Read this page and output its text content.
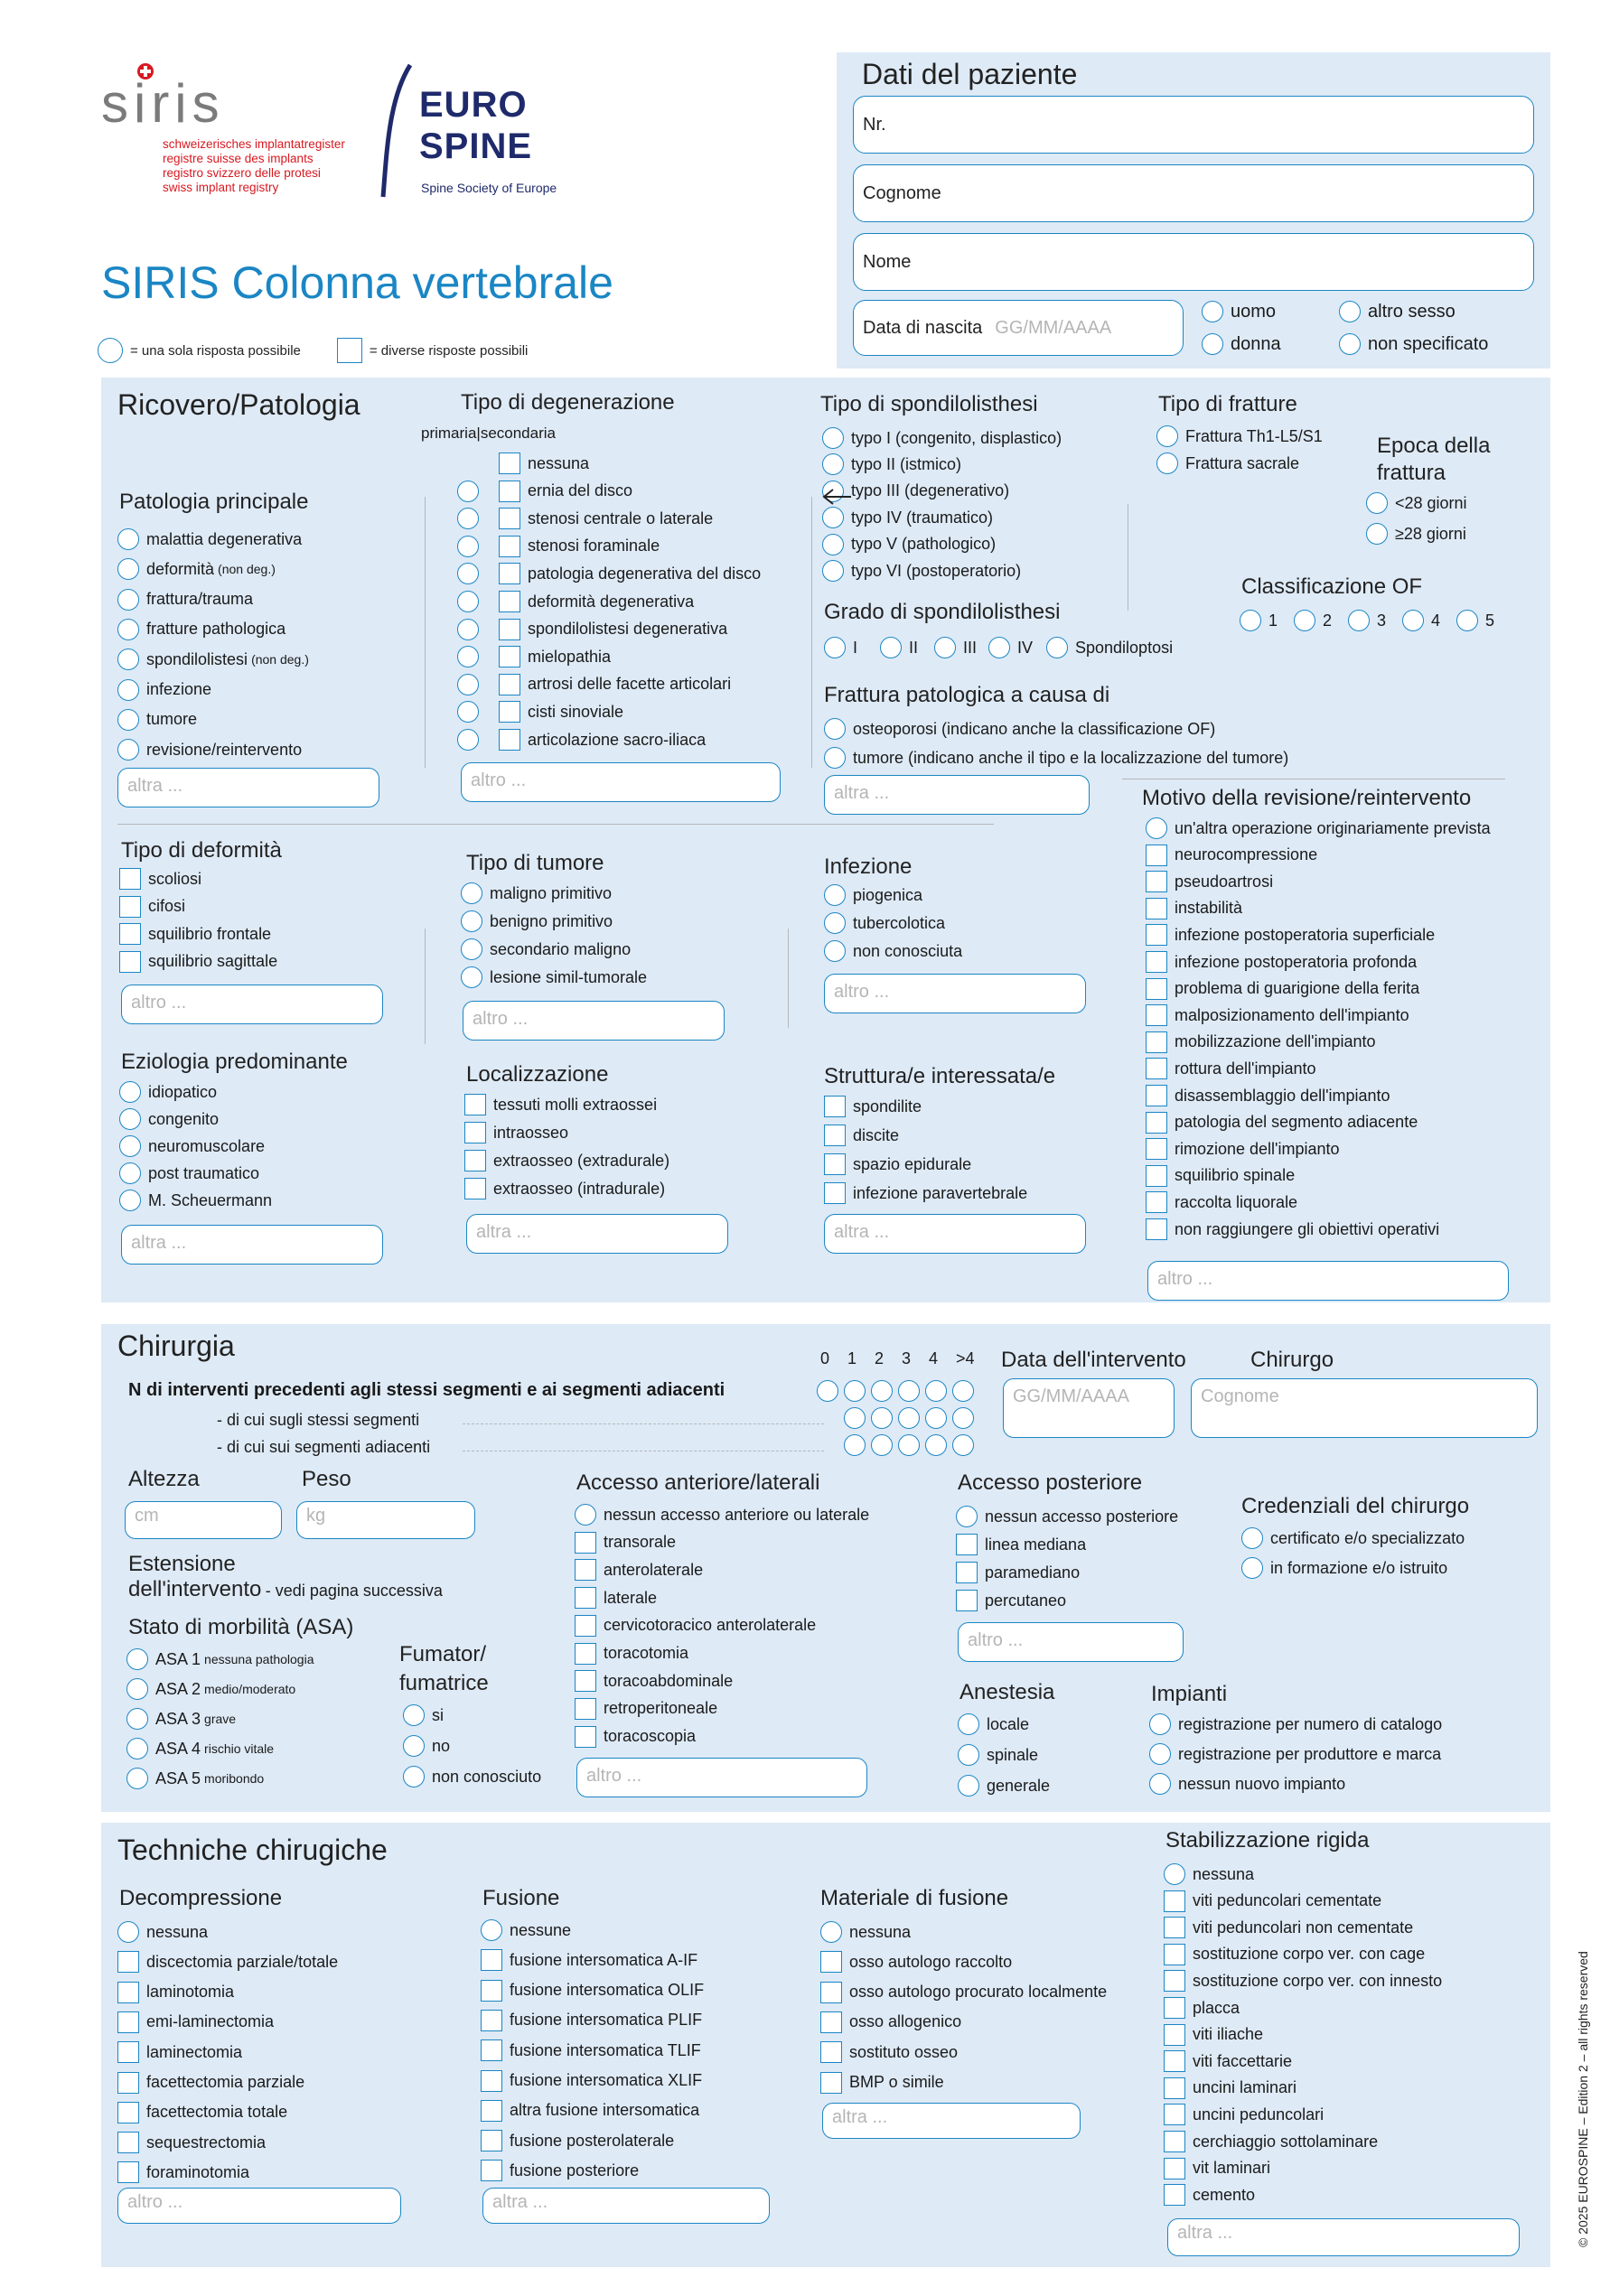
siris
schweizerisches implantatregister
registre suisse des implants
registro svizzero delle protesi
swiss implant registry
EURO
SPINE
Spine Society of Europe
SIRIS Colonna vertebrale
= una sola risposta possibile	= diverse risposte possibili
Dati del paziente
Nr.
Cognome
Nome
Data di nascita GG/MM/AAAA
uomo	altro sesso
donna	non specificato
Ricovero/Patologia
Patologia principale
malattia degenerativa
deformità (non deg.)
frattura/trauma
fratture pathologica
spondilolistesi (non deg.)
infezione
tumore
revisione/reintervento
altra ...
Tipo di degenerazione
primaria|secondaria
nessuna
ernia del disco
stenosi centrale o laterale
stenosi foraminale
patologia degenerativa del disco
deformità degenerativa
spondilolistesi degenerativa
mielopathia
artrosi delle facette articolari
cisti sinoviale
articolazione sacro-iliaca
altro ...
Tipo di spondilolisthesi
typo I (congenito, displastico)
typo II (istmico)
typo III (degenerativo)
typo IV (traumatico)
typo V (pathologico)
typo VI (postoperatorio)
Grado di spondilolisthesi
I	II	III IV	Spondiloptosi
Frattura patologica a causa di
osteoporosi (indicano anche la classificazione OF)
tumore (indicano anche il tipo e la localizzazione del tumore)
altra ...
Tipo di fratture
Frattura Th1-L5/S1
Frattura sacrale
Epoca della
frattura
<28 giorni
≥28 giorni
Classificazione OF
1	2	3	4	5
Tipo di deformità
scoliosi
cifosi
squilibrio frontale
squilibrio sagittale
altro ...
Eziologia predominante
idiopatico
congenito
neuromuscolare
post traumatico
M. Scheuermann
altra ...
Tipo di tumore
maligno primitivo
benigno primitivo
secondario maligno
lesione simil-tumorale
altro ...
Localizzazione
tessuti molli extraossei
intraosseo
extraosseo (extradurale)
extraosseo (intradurale)
altra ...
Infezione
piogenica
tubercolotica
non conosciuta
altro ...
Struttura/e interessata/e
spondilite
discite
spazio epidurale
infezione paravertebrale
altra ...
Motivo della revisione/reintervento
un'altra operazione originariamente prevista
neurocompressione
pseudoartrosi
instabilità
infezione postoperatoria superficiale
infezione postoperatoria profonda
problema di guarigione della ferita
malposizionamento dell'impianto
mobilizzazione dell'impianto
rottura dell'impianto
disassemblaggio dell'impianto
patologia del segmento adiacente
rimozione dell'impianto
squilibrio spinale
raccolta liquorale
non raggiungere gli obiettivi operativi
altro ...
Chirurgia
N di interventi precedenti agli stessi segmenti e ai segmenti adiacenti
- di cui sugli stessi segmenti
- di cui sui segmenti adiacenti
0 1 2 3 4 >4 Data dell'intervento
GG/MM/AAAA
Chirurgo
Cognome
Altezza
cm
Peso
kg
Estensione
dell'intervento - vedi pagina successiva
Stato di morbilità (ASA)
ASA 1 nessuna pathologia
ASA 2 medio/moderato
ASA 3 grave
ASA 4 rischio vitale
ASA 5 moribondo
Fumator/
fumatrice
si
no
non conosciuto
Accesso anteriore/laterali
nessun accesso anteriore ou laterale
transorale
anterolaterale
laterale
cervicotoracico anterolaterale
toracotomia
toracoabdominale
retroperitoneale
toracoscopia
altro ...
Accesso posteriore
nessun accesso posteriore
linea mediana
paramediano
percutaneo
altro ...
Credenziali del chirurgo
certificato e/o specializzato
in formazione e/o istruito
Anestesia
locale
spinale
generale
Impianti
registrazione per numero di catalogo
registrazione per produttore e marca
nessun nuovo impianto
Techniche chirugiche
Decompressione
nessuna
discectomia parziale/totale
laminotomia
emi-laminectomia
laminectomia
facettectomia parziale
facettectomia totale
sequestrectomia
foraminotomia
altro ...
Fusione
nessune
fusione intersomatica A-IF
fusione intersomatica OLIF
fusione intersomatica PLIF
fusione intersomatica TLIF
fusione intersomatica XLIF
altra fusione intersomatica
fusione posterolaterale
fusione posteriore
altra ...
Materiale di fusione
nessuna
osso autologo raccolto
osso autologo procurato localmente
osso allogenico
sostituto osseo
BMP o simile
altra ...
Stabilizzazione rigida
nessuna
viti peduncolari cementate
viti peduncolari non cementate
sostituzione corpo ver. con cage
sostituzione corpo ver. con innesto
placca
viti iliache
viti faccettarie
uncini laminari
uncini peduncolari
cerchiaggio sottolaminare
vit laminari
cemento
altra ...	© 2025 EUROSPINE – Edition 2 – all rights reserved
